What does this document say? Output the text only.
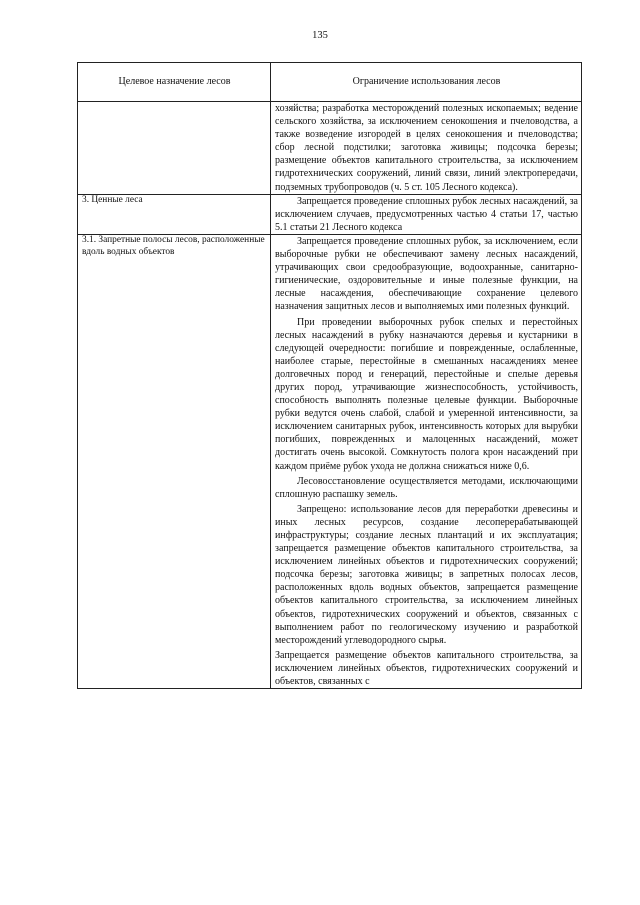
135
Целевое назначение лесов	Ограничение использования лесов

	хозяйства; разработка месторождений полезных ископаемых; ведение сельского хозяйства, за исключением сенокошения и пчеловодства, а также возведение изгородей в целях сенокошения и пчеловодства; сбор лесной подстилки; заготовка живицы; подсочка березы; размещение объектов капитального строительства, за исключением гидротехнических сооружений, линий связи, линий электропередачи, подземных трубопроводов (ч. 5 ст. 105 Лесного кодекса).

3. Ценные леса	Запрещается проведение сплошных рубок лесных насаждений, за исключением случаев, предусмотренных частью 4 статьи 17, частью 5.1 статьи 21 Лесного кодекса

3.1. Запретные полосы лесов, расположенные вдоль водных объектов	Запрещается проведение сплошных рубок, за исключением, если выборочные рубки не обеспечивают замену лесных насаждений, утрачивающих свои средообразующие, водоохранные, санитарно-гигиенические, оздоровительные и иные полезные функции, на лесные насаждения, обеспечивающие сохранение целевого назначения защитных лесов и выполняемых ими полезных функций.

При проведении выборочных рубок спелых и перестойных лесных насаждений в рубку назначаются деревья и кустарники в следующей очередности: погибшие и поврежденные, ослабленные, наиболее старые, перестойные в смешанных насаждениях менее долговечных пород и генераций, перестойные и спелые деревья других пород, утрачивающие жизнеспособность, устойчивость, способность выполнять полезные целевые функции. Выборочные рубки ведутся очень слабой, слабой и умеренной интенсивности, за исключением санитарных рубок, интенсивность которых для вырубки погибших, поврежденных и малоценных насаждений, может достигать очень высокой. Сомкнутость полога крон насаждений при каждом приёме рубок ухода не должна снижаться ниже 0,6.

Лесовосстановление осуществляется методами, исключающими сплошную распашку земель.

Запрещено: использование лесов для переработки древесины и иных лесных ресурсов, создание лесоперерабатывающей инфраструктуры; создание лесных плантаций и их эксплуатация; запрещается размещение объектов капитального строительства, за исключением линейных объектов и гидротехнических сооружений; подсочка березы; заготовка живицы; в запретных полосах лесов, расположенных вдоль водных объектов, запрещается размещение объектов капитального строительства, за исключением линейных объектов, гидротехнических сооружений и объектов, связанных с выполнением работ по геологическому изучению и разработкой месторождений углеводородного сырья.

Запрещается размещение объектов капитального строительства, за исключением линейных объектов, гидротехнических сооружений и объектов, связанных с
